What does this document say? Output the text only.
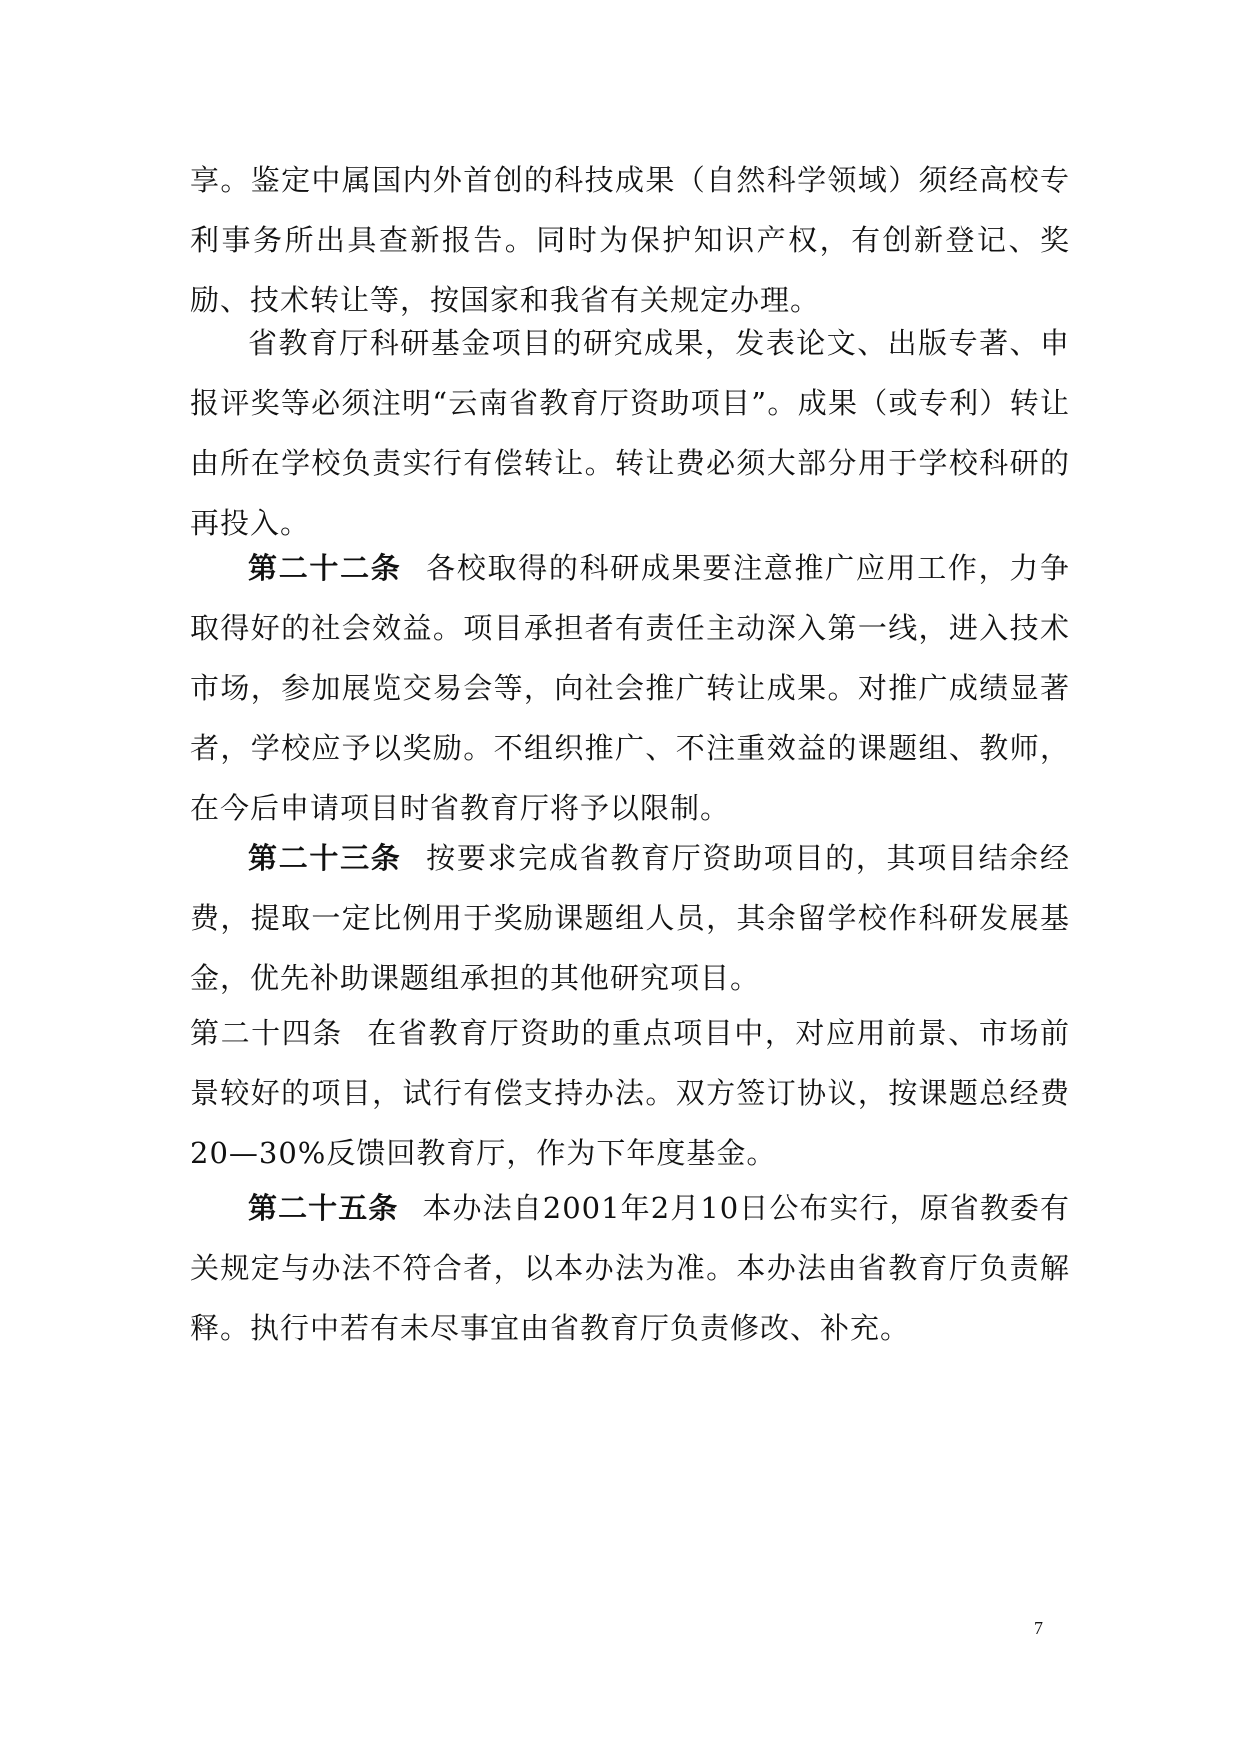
享。鉴定中属国内外首创的科技成果（自然科学领域）须经高校专利事务所出具查新报告。同时为保护知识产权，有创新登记、奖励、技术转让等，按国家和我省有关规定办理。

省教育厅科研基金项目的研究成果，发表论文、出版专著、申报评奖等必须注明“云南省教育厅资助项目”。成果（或专利）转让由所在学校负责实行有偿转让。转让费必须大部分用于学校科研的再投入。

第二十二条 各校取得的科研成果要注意推广应用工作，力争取得好的社会效益。项目承担者有责任主动深入第一线，进入技术市场，参加展览交易会等，向社会推广转让成果。对推广成绩显著者，学校应予以奖励。不组织推广、不注重效益的课题组、教师，在今后申请项目时省教育厅将予以限制。

第二十三条 按要求完成省教育厅资助项目的，其项目结余经费，提取一定比例用于奖励课题组人员，其余留学校作科研发展基金，优先补助课题组承担的其他研究项目。

第二十四条 在省教育厅资助的重点项目中，对应用前景、市场前景较好的项目，试行有偿支持办法。双方签订协议，按课题总经费20—30%反馈回教育厅，作为下年度基金。

第二十五条 本办法自2001年2月10日公布实行，原省教委有关规定与办法不符合者，以本办法为准。本办法由省教育厅负责解释。执行中若有未尽事宜由省教育厅负责修改、补充。

7
